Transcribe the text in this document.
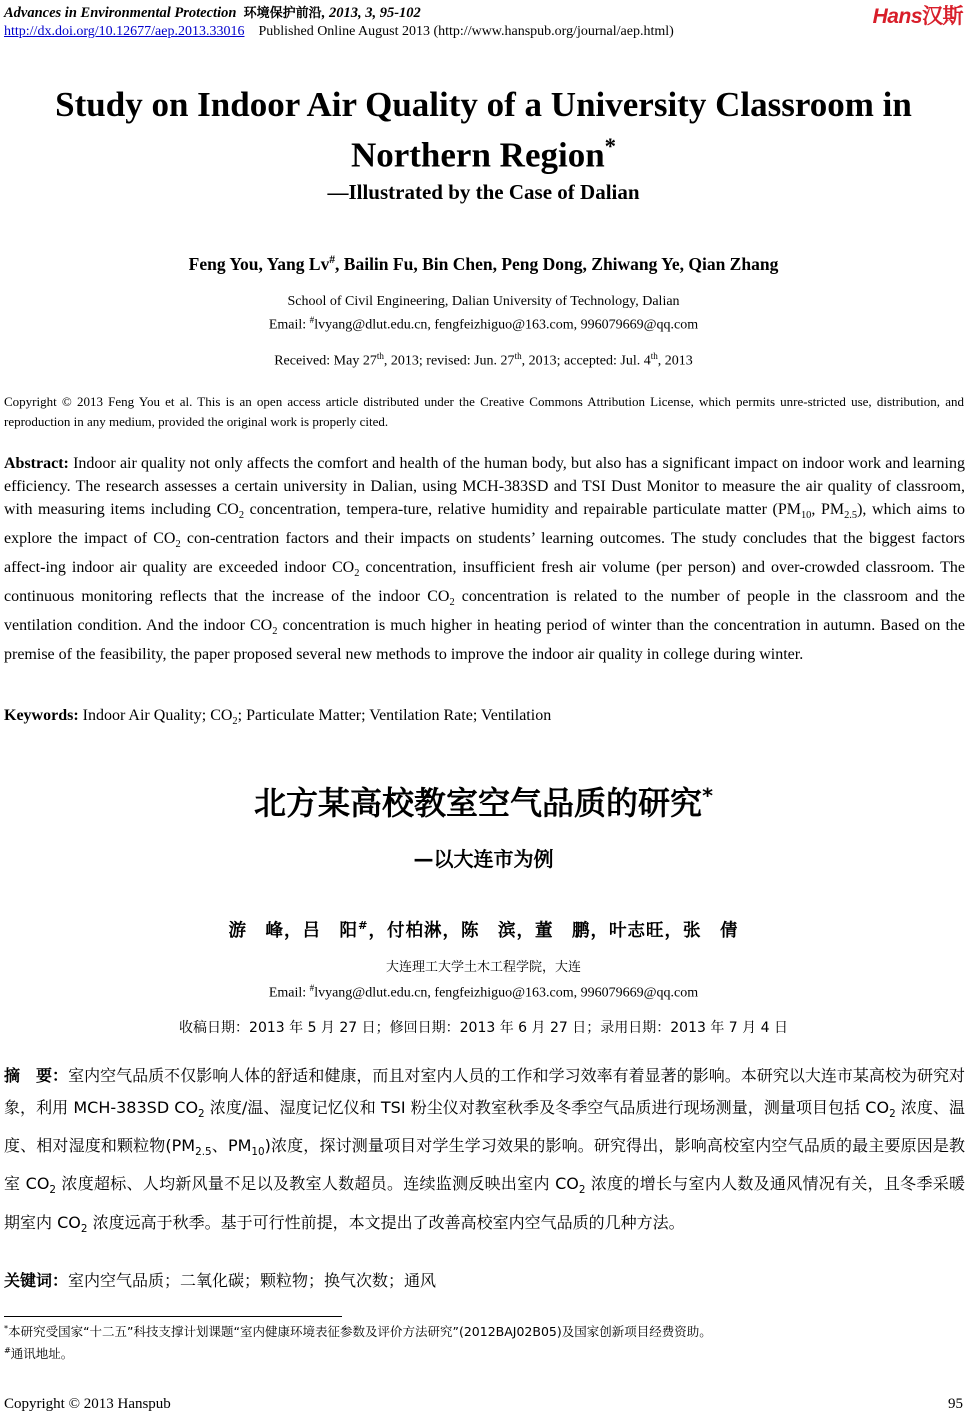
Advances in Environmental Protection 环境保护前沿, 2013, 3, 95-102
http://dx.doi.org/10.12677/aep.2013.33016 Published Online August 2013 (http://www.hanspub.org/journal/aep.html)
Hans汉斯
Study on Indoor Air Quality of a University Classroom in
Northern Region*
—Illustrated by the Case of Dalian
Feng You, Yang Lv#, Bailin Fu, Bin Chen, Peng Dong, Zhiwang Ye, Qian Zhang
School of Civil Engineering, Dalian University of Technology, Dalian
Email: #lvyang@dlut.edu.cn, fengfeizhiguo@163.com, 996079669@qq.com
Received: May 27th, 2013; revised: Jun. 27th, 2013; accepted: Jul. 4th, 2013
Copyright © 2013 Feng You et al. This is an open access article distributed under the Creative Commons Attribution License, which permits unre-stricted use, distribution, and reproduction in any medium, provided the original work is properly cited.
Abstract: Indoor air quality not only affects the comfort and health of the human body, but also has a significant impact on indoor work and learning efficiency. The research assesses a certain university in Dalian, using MCH-383SD and TSI Dust Monitor to measure the air quality of classroom, with measuring items including $CO_2$ concentration, tempera-ture, relative humidity and repairable particulate matter ($PM_{10}$, $PM_{2.5}$), which aims to explore the impact of $CO_2$ con-centration factors and their impacts on students’ learning outcomes. The study concludes that the biggest factors affect-ing indoor air quality are exceeded indoor $CO_2$ concentration, insufficient fresh air volume (per person) and over-crowded classroom. The continuous monitoring reflects that the increase of the indoor $CO_2$ concentration is related to the number of people in the classroom and the ventilation condition. And the indoor $CO_2$ concentration is much higher in heating period of winter than the concentration in autumn. Based on the premise of the feasibility, the paper proposed several new methods to improve the indoor air quality in college during winter.
Keywords: Indoor Air Quality; $CO_2$; Particulate Matter; Ventilation Rate; Ventilation
北方某高校教室空气品质的研究*
—以大连市为例
游　峰，吕　阳#，付柏淋，陈　滨，董　鹏，叶志旺，张　倩
大连理工大学土木工程学院，大连
Email: #lvyang@dlut.edu.cn, fengfeizhiguo@163.com, 996079669@qq.com
收稿日期：2013 年 5 月 27 日；修回日期：2013 年 6 月 27 日；录用日期：2013 年 7 月 4 日
摘　要：室内空气品质不仅影响人体的舒适和健康，而且对室内人员的工作和学习效率有着显著的影响。本研究以大连市某高校为研究对象，利用 MCH-383SD $CO_2$ 浓度/温、湿度记忆仪和 TSI 粉尘仪对教室秋季及冬季空气品质进行现场测量，测量项目包括 $CO_2$ 浓度、温度、相对湿度和颗粒物($PM_{2.5}$、$PM_{10}$)浓度，探讨测量项目对学生学习效果的影响。研究得出，影响高校室内空气品质的最主要原因是教室 $CO_2$ 浓度超标、人均新风量不足以及教室人数超员。连续监测反映出室内 $CO_2$ 浓度的增长与室内人数及通风情况有关，且冬季采暖期室内 $CO_2$ 浓度远高于秋季。基于可行性前提，本文提出了改善高校室内空气品质的几种方法。
关键词：室内空气品质；二氧化碳；颗粒物；换气次数；通风
*本研究受国家“十二五”科技支撑计划课题“室内健康环境表征参数及评价方法研究”(2012BAJ02B05)及国家创新项目经费资助。
#通讯地址。
Copyright © 2013 Hanspub	95
